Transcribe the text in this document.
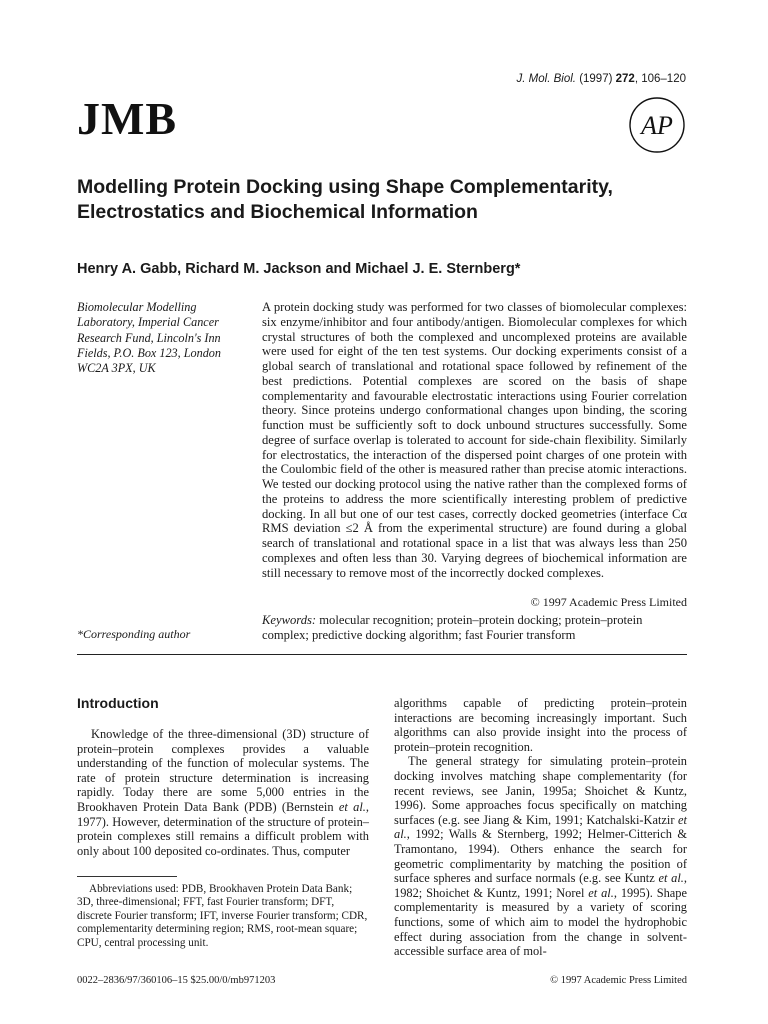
J. Mol. Biol. (1997) 272, 106–120
JMB	AP
Modelling Protein Docking using Shape Complementarity, Electrostatics and Biochemical Information
Henry A. Gabb, Richard M. Jackson and Michael J. E. Sternberg*
Biomolecular Modelling Laboratory, Imperial Cancer Research Fund, Lincoln's Inn Fields, P.O. Box 123, London WC2A 3PX, UK
*Corresponding author
A protein docking study was performed for two classes of biomolecular complexes: six enzyme/inhibitor and four antibody/antigen. Biomolecular complexes for which crystal structures of both the complexed and uncomplexed proteins are available were used for eight of the ten test systems. Our docking experiments consist of a global search of translational and rotational space followed by refinement of the best predictions. Potential complexes are scored on the basis of shape complementarity and favourable electrostatic interactions using Fourier correlation theory. Since proteins undergo conformational changes upon binding, the scoring function must be sufficiently soft to dock unbound structures successfully. Some degree of surface overlap is tolerated to account for side-chain flexibility. Similarly for electrostatics, the interaction of the dispersed point charges of one protein with the Coulombic field of the other is measured rather than precise atomic interactions. We tested our docking protocol using the native rather than the complexed forms of the proteins to address the more scientifically interesting problem of predictive docking. In all but one of our test cases, correctly docked geometries (interface Cα RMS deviation ≤2 Å from the experimental structure) are found during a global search of translational and rotational space in a list that was always less than 250 complexes and often less than 30. Varying degrees of biochemical information are still necessary to remove most of the incorrectly docked complexes.
© 1997 Academic Press Limited
Keywords: molecular recognition; protein–protein docking; protein–protein complex; predictive docking algorithm; fast Fourier transform
Introduction

Knowledge of the three-dimensional (3D) structure of protein–protein complexes provides a valuable understanding of the function of molecular systems. The rate of protein structure determination is increasing rapidly. Today there are some 5,000 entries in the Brookhaven Protein Data Bank (PDB) (Bernstein et al., 1977). However, determination of the structure of protein–protein complexes still remains a difficult problem with only about 100 deposited co-ordinates. Thus, computer

algorithms capable of predicting protein–protein interactions are becoming increasingly important. Such algorithms can also provide insight into the process of protein–protein recognition.

The general strategy for simulating protein–protein docking involves matching shape complementarity (for recent reviews, see Janin, 1995a; Shoichet & Kuntz, 1996). Some approaches focus specifically on matching surfaces (e.g. see Jiang & Kim, 1991; Katchalski-Katzir et al., 1992; Walls & Sternberg, 1992; Helmer-Citterich & Tramontano, 1994). Others enhance the search for geometric complimentarity by matching the position of surface spheres and surface normals (e.g. see Kuntz et al., 1982; Shoichet & Kuntz, 1991; Norel et al., 1995). Shape complementarity is measured by a variety of scoring functions, some of which aim to model the hydrophobic effect during association from the change in solvent-accessible surface area of mol-

Abbreviations used: PDB, Brookhaven Protein Data Bank; 3D, three-dimensional; FFT, fast Fourier transform; DFT, discrete Fourier transform; IFT, inverse Fourier transform; CDR, complementarity determining region; RMS, root-mean square; CPU, central processing unit.
0022–2836/97/360106–15 $25.00/0/mb971203	© 1997 Academic Press Limited
